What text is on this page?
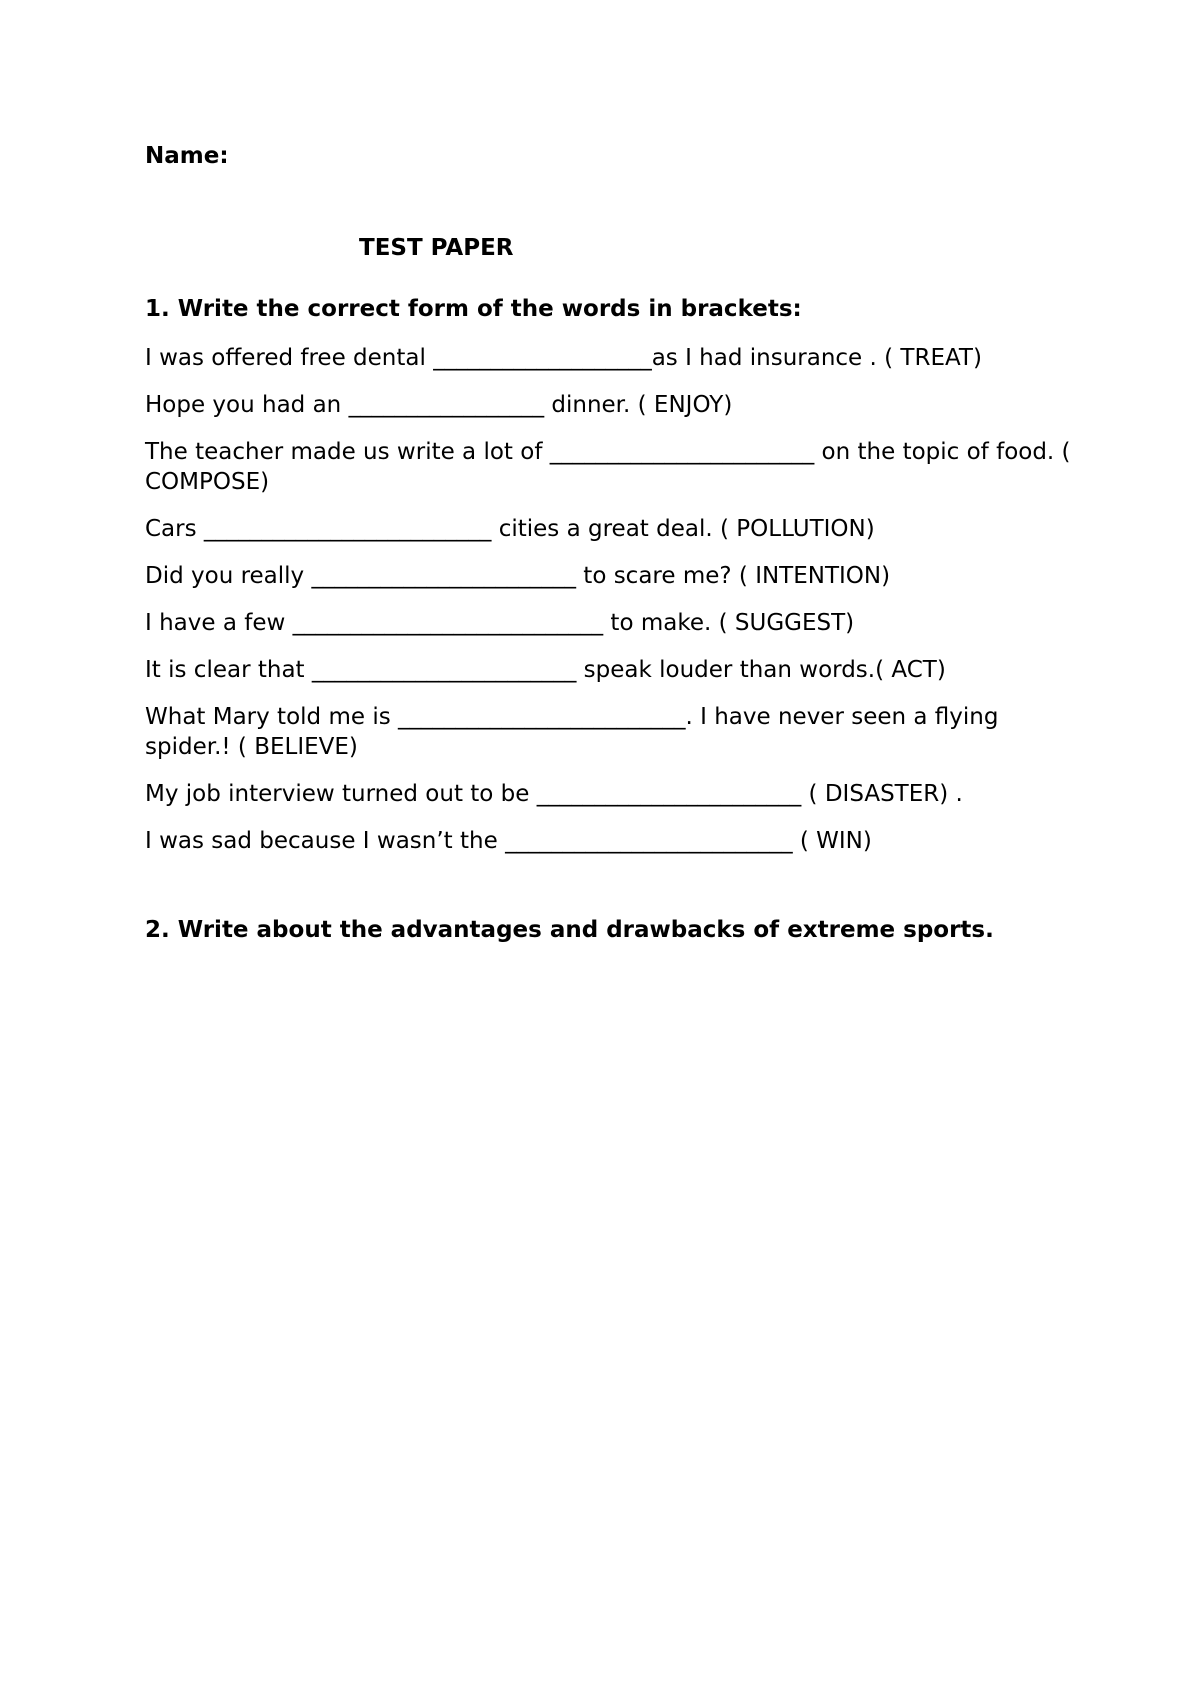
Name:
TEST PAPER
1. Write the correct form of the words in brackets:
I was offered free dental ___________________as I had insurance . ( TREAT)
Hope you had an _________________ dinner. ( ENJOY)
The teacher made us write a lot of _______________________ on the topic of food. ( COMPOSE)
Cars _________________________ cities a great deal. ( POLLUTION)
Did you really _______________________ to scare me? ( INTENTION)
I have a few ___________________________ to make. ( SUGGEST)
It is clear that _______________________ speak louder than words.( ACT)
What Mary told me is _________________________. I have never seen a flying spider.! ( BELIEVE)
My job interview turned out to be _______________________ ( DISASTER) .
I was sad because I wasn’t the _________________________ ( WIN)
2. Write about the advantages and drawbacks of extreme sports.
